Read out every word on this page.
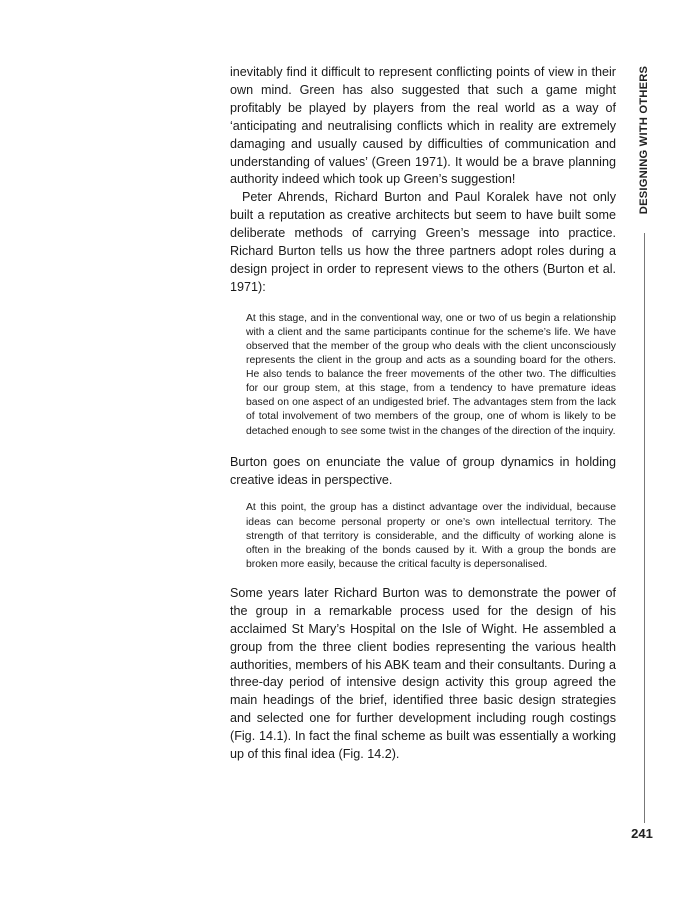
inevitably find it difficult to represent conflicting points of view in their own mind. Green has also suggested that such a game might profitably be played by players from the real world as a way of ‘anticipating and neutralising conflicts which in reality are extremely damaging and usually caused by difficulties of communication and understanding of values’ (Green 1971). It would be a brave planning authority indeed which took up Green’s suggestion!

Peter Ahrends, Richard Burton and Paul Koralek have not only built a reputation as creative architects but seem to have built some deliberate methods of carrying Green’s message into practice. Richard Burton tells us how the three partners adopt roles during a design project in order to represent views to the others (Burton et al. 1971):

At this stage, and in the conventional way, one or two of us begin a relationship with a client and the same participants continue for the scheme’s life. We have observed that the member of the group who deals with the client unconsciously represents the client in the group and acts as a sounding board for the others. He also tends to balance the freer movements of the other two. The difficulties for our group stem, at this stage, from a tendency to have premature ideas based on one aspect of an undigested brief. The advantages stem from the lack of total involvement of two members of the group, one of whom is likely to be detached enough to see some twist in the changes of the direction of the inquiry.

Burton goes on enunciate the value of group dynamics in holding creative ideas in perspective.

At this point, the group has a distinct advantage over the individual, because ideas can become personal property or one’s own intellectual territory. The strength of that territory is considerable, and the difficulty of working alone is often in the breaking of the bonds caused by it. With a group the bonds are broken more easily, because the critical faculty is depersonalised.

Some years later Richard Burton was to demonstrate the power of the group in a remarkable process used for the design of his acclaimed St Mary’s Hospital on the Isle of Wight. He assembled a group from the three client bodies representing the various health authorities, members of his ABK team and their consultants. During a three-day period of intensive design activity this group agreed the main headings of the brief, identified three basic design strategies and selected one for further development including rough costings (Fig. 14.1). In fact the final scheme as built was essentially a working up of this final idea (Fig. 14.2).

DESIGNING WITH OTHERS
241
